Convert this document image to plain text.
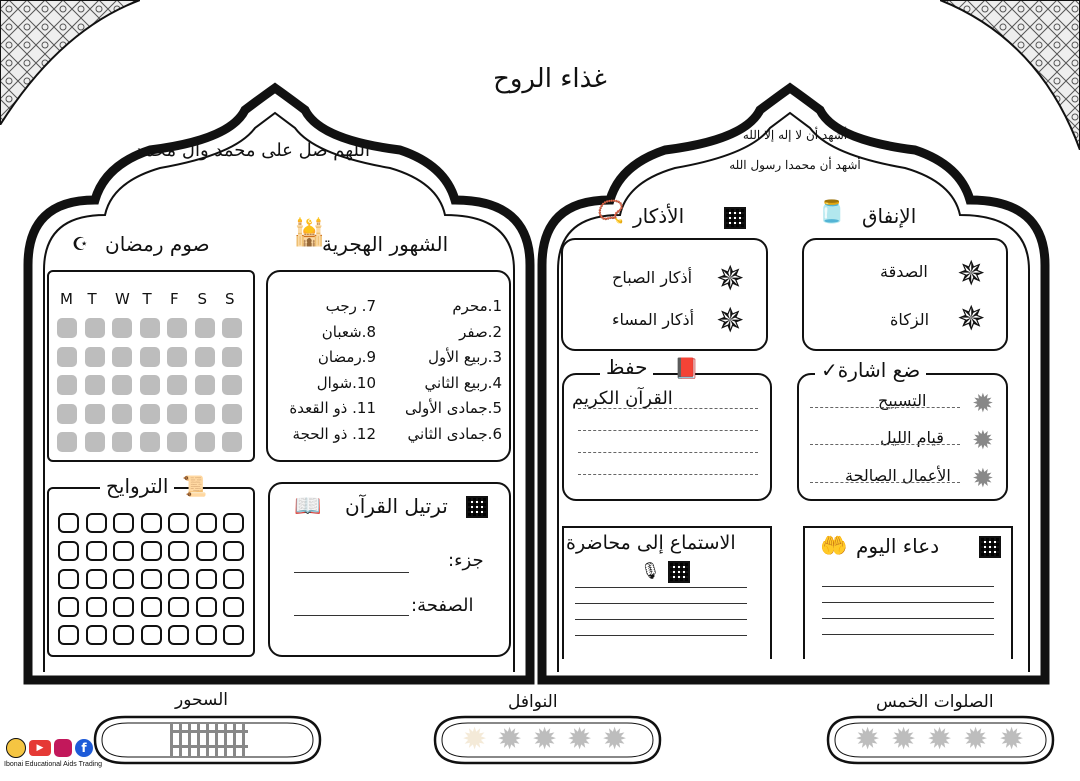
غذاء الروح
اللهم صل على محمد وآل محمد
أشهد أن لا إله إلا الله
أشهد أن محمدا رسول الله
صوم رمضان
☪
M T W T F S S
الشهور الهجرية
🕌
1.محرم
2.صفر
3.ربيع الأول
4.ربيع الثاني
5.جمادى الأولى
6.جمادى الثاني
7. رجب
8.شعبان
9.رمضان
10.شوال
11. ذو القعدة
12. ذو الحجة
التروايح 📜
ترتيل القرآن
📖
جزء:
الصفحة:
الأذكار
📿
أذكار الصباح
أذكار المساء
✵
✵
الإنفاق
🫙
الصدقة
الزكاة
✵
✵
حفظ	📕
القرآن الكريم
ضع اشارة✓
التسبيح
قيام الليل
الأعمال الصالحة
✹
✹
✹
الاستماع إلى محاضرة
🎙
دعاء اليوم
🤲
السحور	النوافل	الصلوات الخمس
✹ ✹ ✹ ✹ ✹	✹ ✹ ✹ ✹ ✹
▶	f
Ibonai Educational Aids Trading
